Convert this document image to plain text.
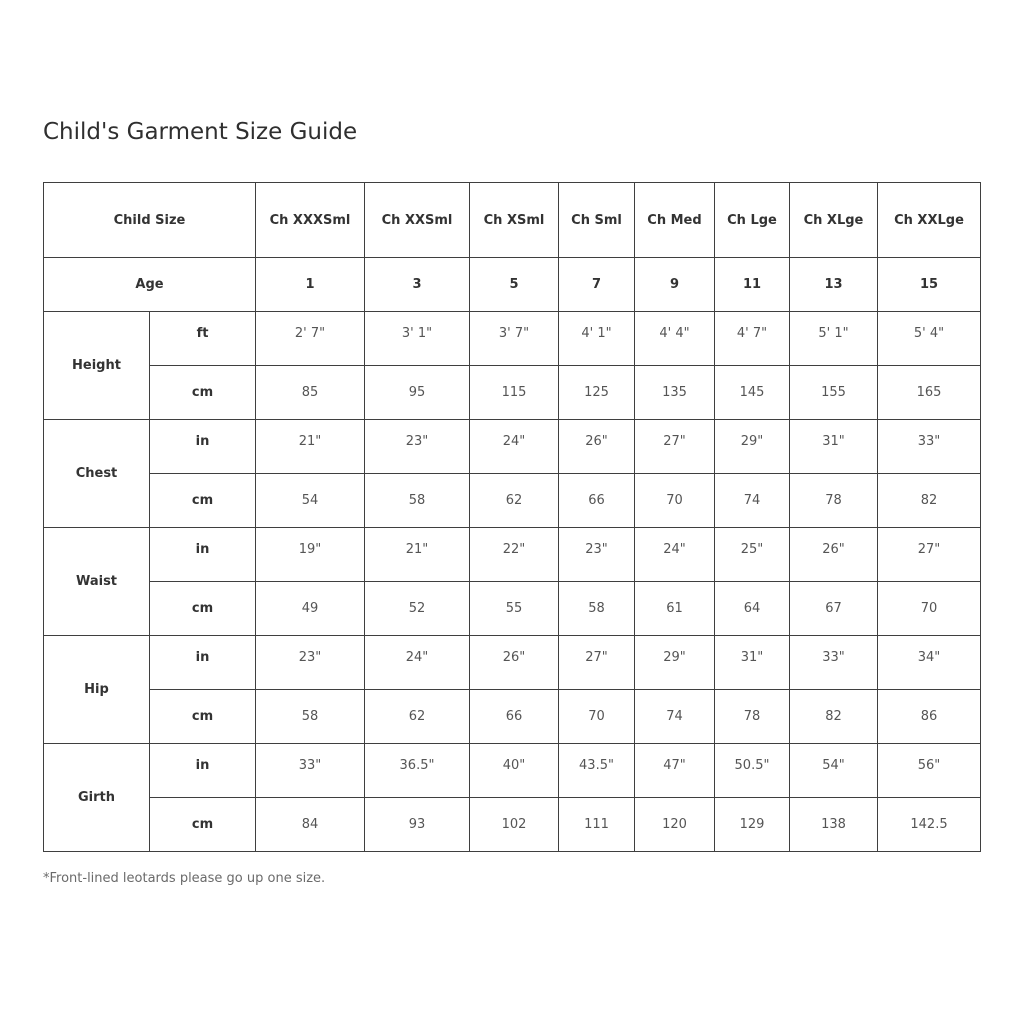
Child's Garment Size Guide
Child Size		Ch XXXSml	Ch XXSml	Ch XSml	Ch Sml	Ch Med	Ch Lge	Ch XLge	Ch XXLge
Age		1	3	5	7	9	11	13	15
Height	ft	2' 7"	3' 1"	3' 7"	4' 1"	4' 4"	4' 7"	5' 1"	5' 4"
	cm	85	95	115	125	135	145	155	165
Chest	in	21"	23"	24"	26"	27"	29"	31"	33"
	cm	54	58	62	66	70	74	78	82
Waist	in	19"	21"	22"	23"	24"	25"	26"	27"
	cm	49	52	55	58	61	64	67	70
Hip	in	23"	24"	26"	27"	29"	31"	33"	34"
	cm	58	62	66	70	74	78	82	86
Girth	in	33"	36.5"	40"	43.5"	47"	50.5"	54"	56"
	cm	84	93	102	111	120	129	138	142.5

*Front-lined leotards please go up one size.
